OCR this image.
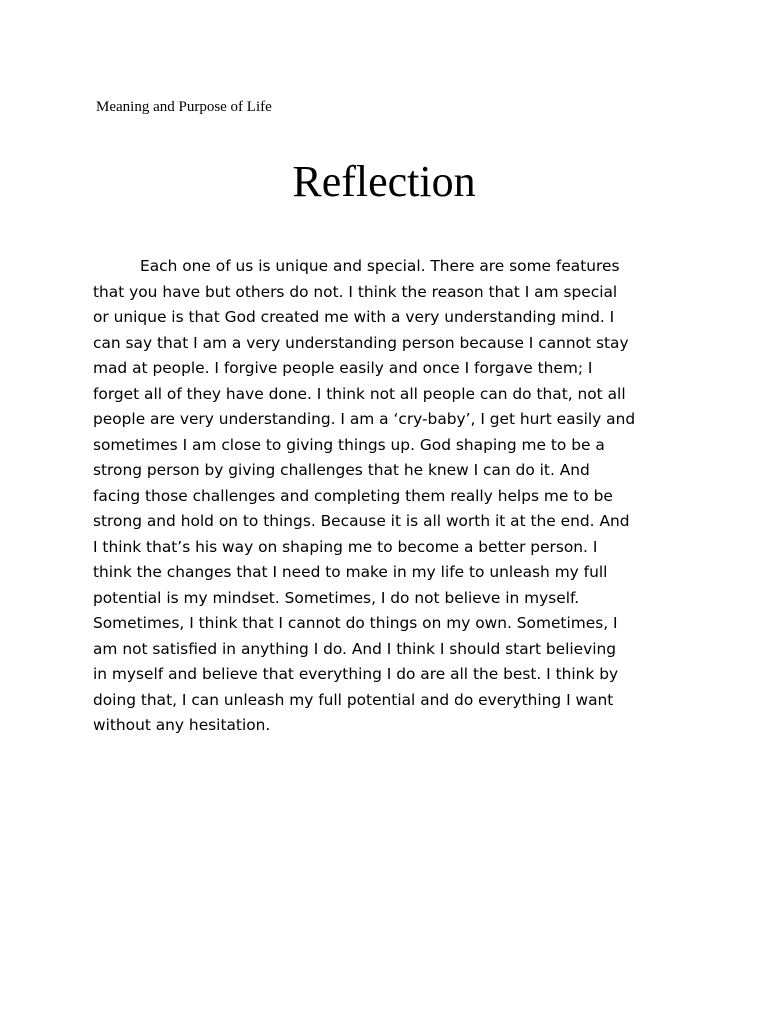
Meaning and Purpose of Life
Reflection
Each one of us is unique and special. There are some features
that you have but others do not. I think the reason that I am special
or unique is that God created me with a very understanding mind. I
can say that I am a very understanding person because I cannot stay
mad at people. I forgive people easily and once I forgave them; I
forget all of they have done. I think not all people can do that, not all
people are very understanding. I am a ‘cry-baby’, I get hurt easily and
sometimes I am close to giving things up. God shaping me to be a
strong person by giving challenges that he knew I can do it. And
facing those challenges and completing them really helps me to be
strong and hold on to things. Because it is all worth it at the end. And
I think that’s his way on shaping me to become a better person. I
think the changes that I need to make in my life to unleash my full
potential is my mindset. Sometimes, I do not believe in myself.
Sometimes, I think that I cannot do things on my own. Sometimes, I
am not satisfied in anything I do. And I think I should start believing
in myself and believe that everything I do are all the best. I think by
doing that, I can unleash my full potential and do everything I want
without any hesitation.
